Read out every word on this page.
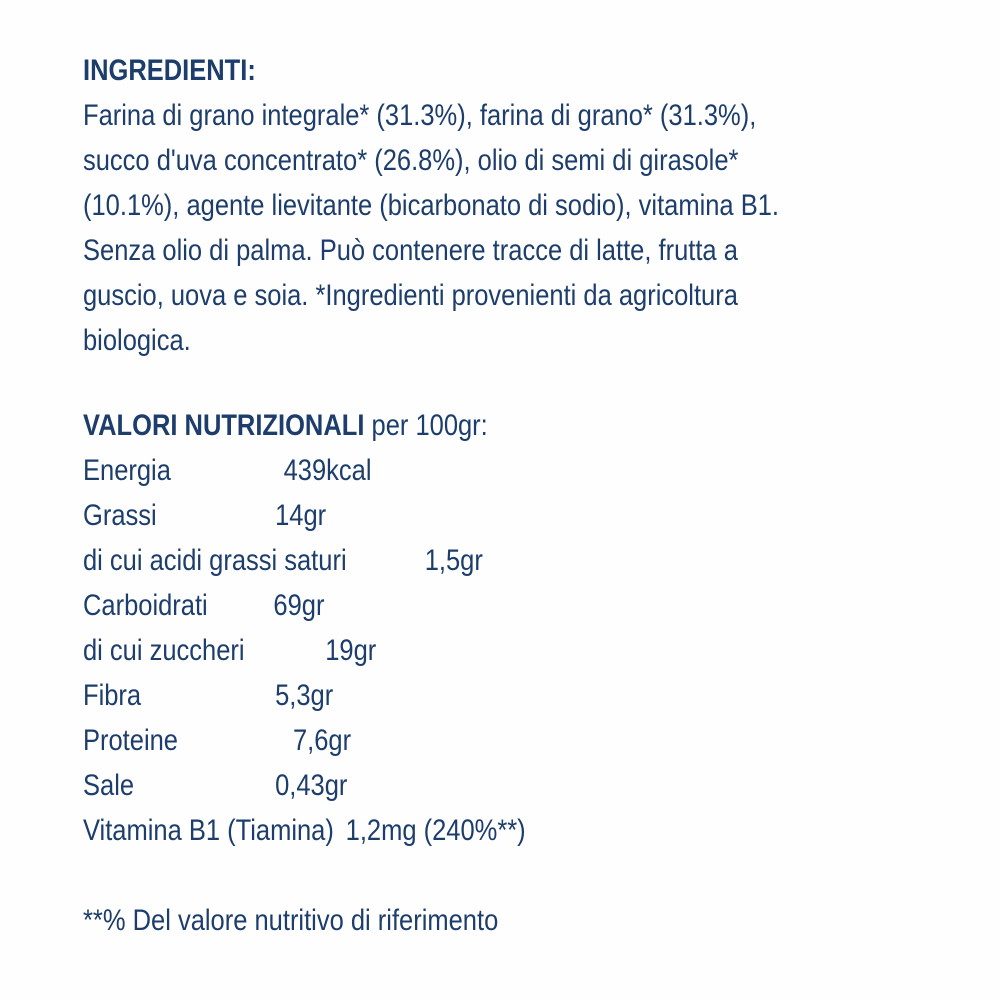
INGREDIENTI:
Farina di grano integrale* (31.3%), farina di grano* (31.3%),
succo d'uva concentrato* (26.8%), olio di semi di girasole*
(10.1%), agente lievitante (bicarbonato di sodio), vitamina B1.
Senza olio di palma. Può contenere tracce di latte, frutta a
guscio, uova e soia. *Ingredienti provenienti da agricoltura
biologica.
VALORI NUTRIZIONALI per 100gr:
Energia	439kcal
Grassi	14gr
di cui acidi grassi saturi	1,5gr
Carboidrati 69gr
di cui zuccheri	19gr
Fibra	5,3gr
Proteine	7,6gr
Sale	0,43gr
Vitamina B1 (Tiamina) 1,2mg (240%**)
**% Del valore nutritivo di riferimento
